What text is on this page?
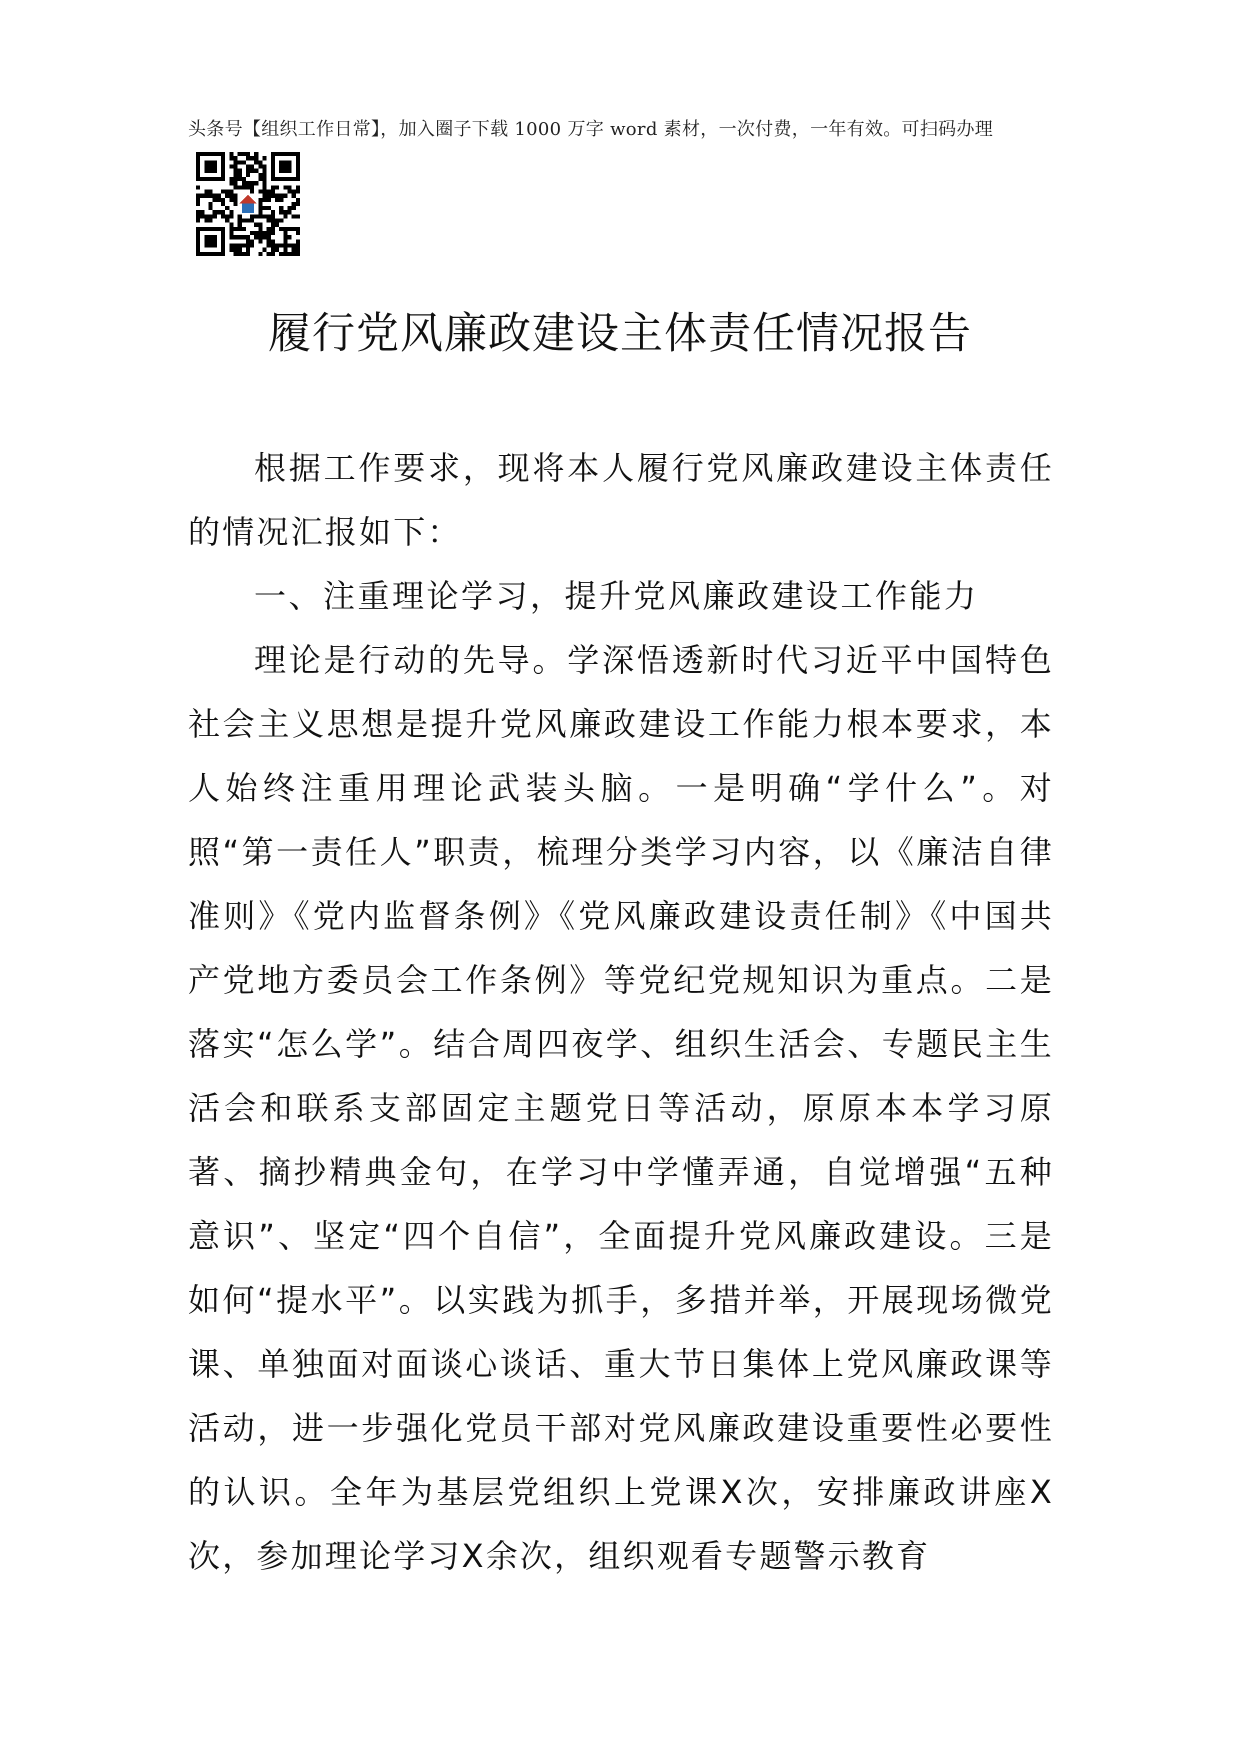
头条号【组织工作日常】，加入圈子下载 1000 万字 word 素材，一次付费，一年有效。可扫码办理
履行党风廉政建设主体责任情况报告

根据工作要求，现将本人履行党风廉政建设主体责任的情况汇报如下：

一、注重理论学习，提升党风廉政建设工作能力

理论是行动的先导。学深悟透新时代习近平中国特色社会主义思想是提升党风廉政建设工作能力根本要求，本人始终注重用理论武装头脑。一是明确“学什么”。对照“第一责任人”职责，梳理分类学习内容，以《廉洁自律准则》《党内监督条例》《党风廉政建设责任制》《中国共产党地方委员会工作条例》等党纪党规知识为重点。二是落实“怎么学”。结合周四夜学、组织生活会、专题民主生活会和联系支部固定主题党日等活动，原原本本学习原著、摘抄精典金句，在学习中学懂弄通，自觉增强“五种意识”、坚定“四个自信”，全面提升党风廉政建设。三是如何“提水平”。以实践为抓手，多措并举，开展现场微党课、单独面对面谈心谈话、重大节日集体上党风廉政课等活动，进一步强化党员干部对党风廉政建设重要性必要性的认识。全年为基层党组织上党课X次，安排廉政讲座X次，参加理论学习X余次，组织观看专题警示教育
